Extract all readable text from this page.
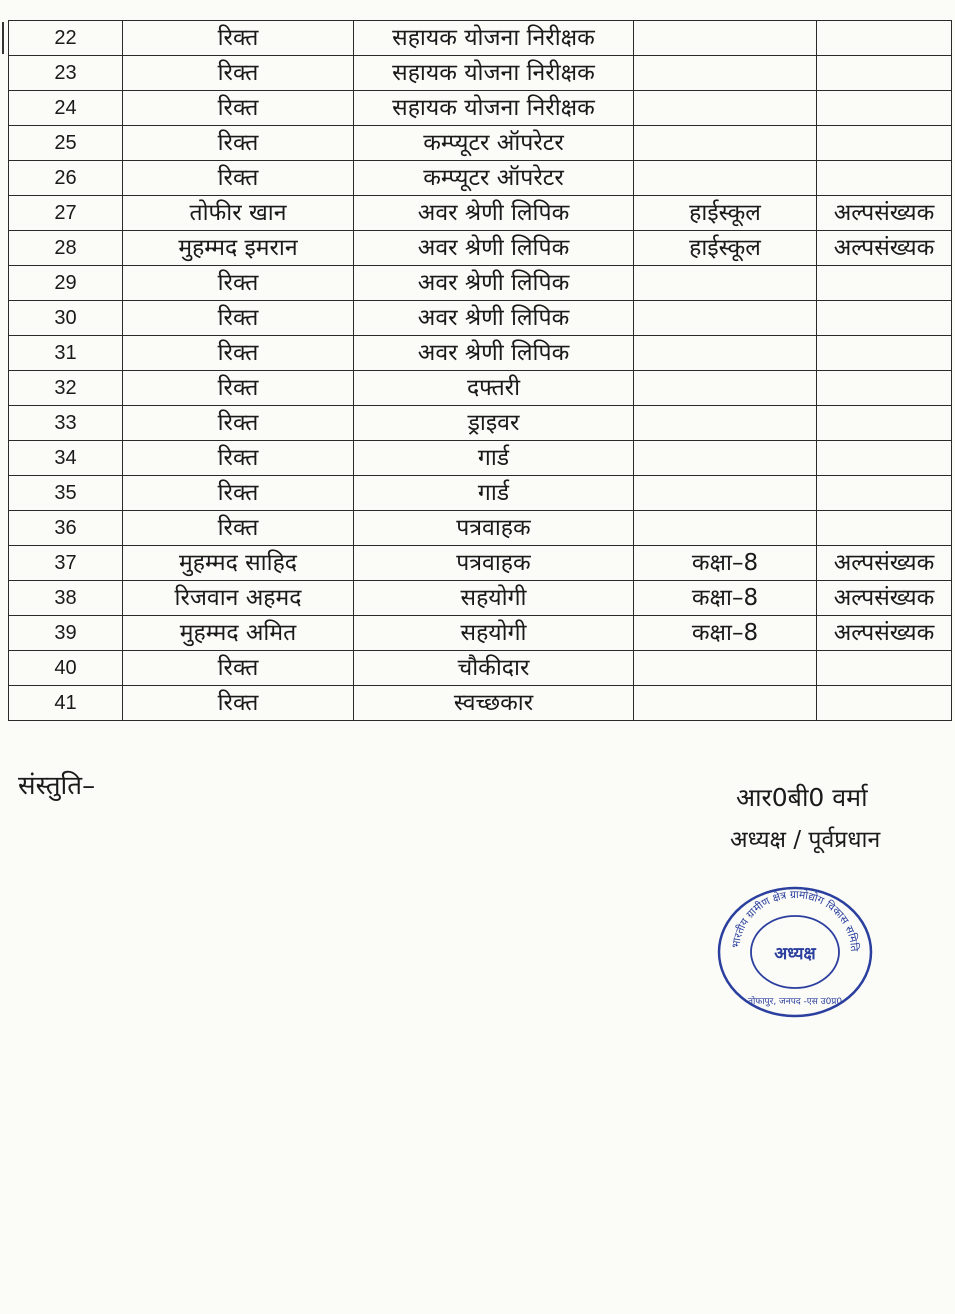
22	रिक्त	सहायक योजना निरीक्षक		
23	रिक्त	सहायक योजना निरीक्षक		
24	रिक्त	सहायक योजना निरीक्षक		
25	रिक्त	कम्प्यूटर ऑपरेटर		
26	रिक्त	कम्प्यूटर ऑपरेटर		
27	तोफीर खान	अवर श्रेणी लिपिक	हाईस्कूल	अल्पसंख्यक
28	मुहम्मद इमरान	अवर श्रेणी लिपिक	हाईस्कूल	अल्पसंख्यक
29	रिक्त	अवर श्रेणी लिपिक		
30	रिक्त	अवर श्रेणी लिपिक		
31	रिक्त	अवर श्रेणी लिपिक		
32	रिक्त	दफ्तरी		
33	रिक्त	ड्राइवर		
34	रिक्त	गार्ड		
35	रिक्त	गार्ड		
36	रिक्त	पत्रवाहक		
37	मुहम्मद साहिद	पत्रवाहक	कक्षा–8	अल्पसंख्यक
38	रिजवान अहमद	सहयोगी	कक्षा–8	अल्पसंख्यक
39	मुहम्मद अमित	सहयोगी	कक्षा–8	अल्पसंख्यक
40	रिक्त	चौकीदार		
41	रिक्त	स्वच्छकार		
संस्तुति–	आर0बी0 वर्मा
अध्यक्ष / पूर्वप्रधान
भारतीय ग्रामीण क्षेत्र ग्रामोद्योग विकास समिति
तोफापुर, जनपद -एस उ0प्र0
अध्यक्ष
